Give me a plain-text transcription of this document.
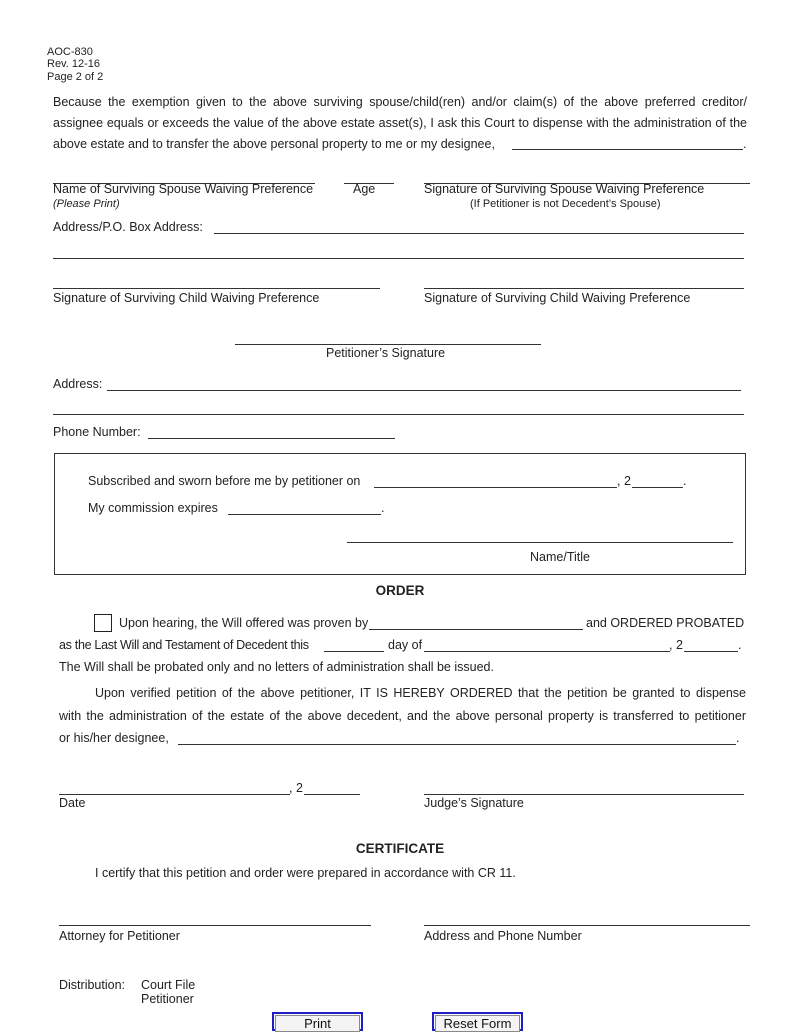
AOC-830
Rev. 12-16
Page 2 of 2
Because the exemption given to the above surviving spouse/child(ren) and/or claim(s) of the above preferred creditor/
assignee equals or exceeds the value of the above estate asset(s), I ask this Court to dispense with the administration of the
above estate and to transfer the above personal property to me or my designee,	.
Name of Surviving Spouse Waiving Preference	Age	Signature of Surviving Spouse Waiving Preference
(Please Print)	(If Petitioner is not Decedent’s Spouse)
Address/P.O. Box Address:
Signature of Surviving Child Waiving Preference	Signature of Surviving Child Waiving Preference
Petitioner’s Signature
Address:
Phone Number:
Subscribed and sworn before me by petitioner on	, 2	.
My commission expires	.
Name/Title
ORDER
Upon hearing, the Will offered was proven by	and ORDERED PROBATED
as the Last Will and Testament of Decedent this	day of	, 2	.
The Will shall be probated only and no letters of administration shall be issued.
Upon verified petition of the above petitioner, IT IS HEREBY ORDERED that the petition be granted to dispense
with the administration of the estate of the above decedent, and the above personal property is transferred to petitioner
or his/her designee,	.
, 2
Date	Judge’s Signature
CERTIFICATE
I certify that this petition and order were prepared in accordance with CR 11.
Attorney for Petitioner	Address and Phone Number
Distribution: Court File
Petitioner
Print	Reset Form
